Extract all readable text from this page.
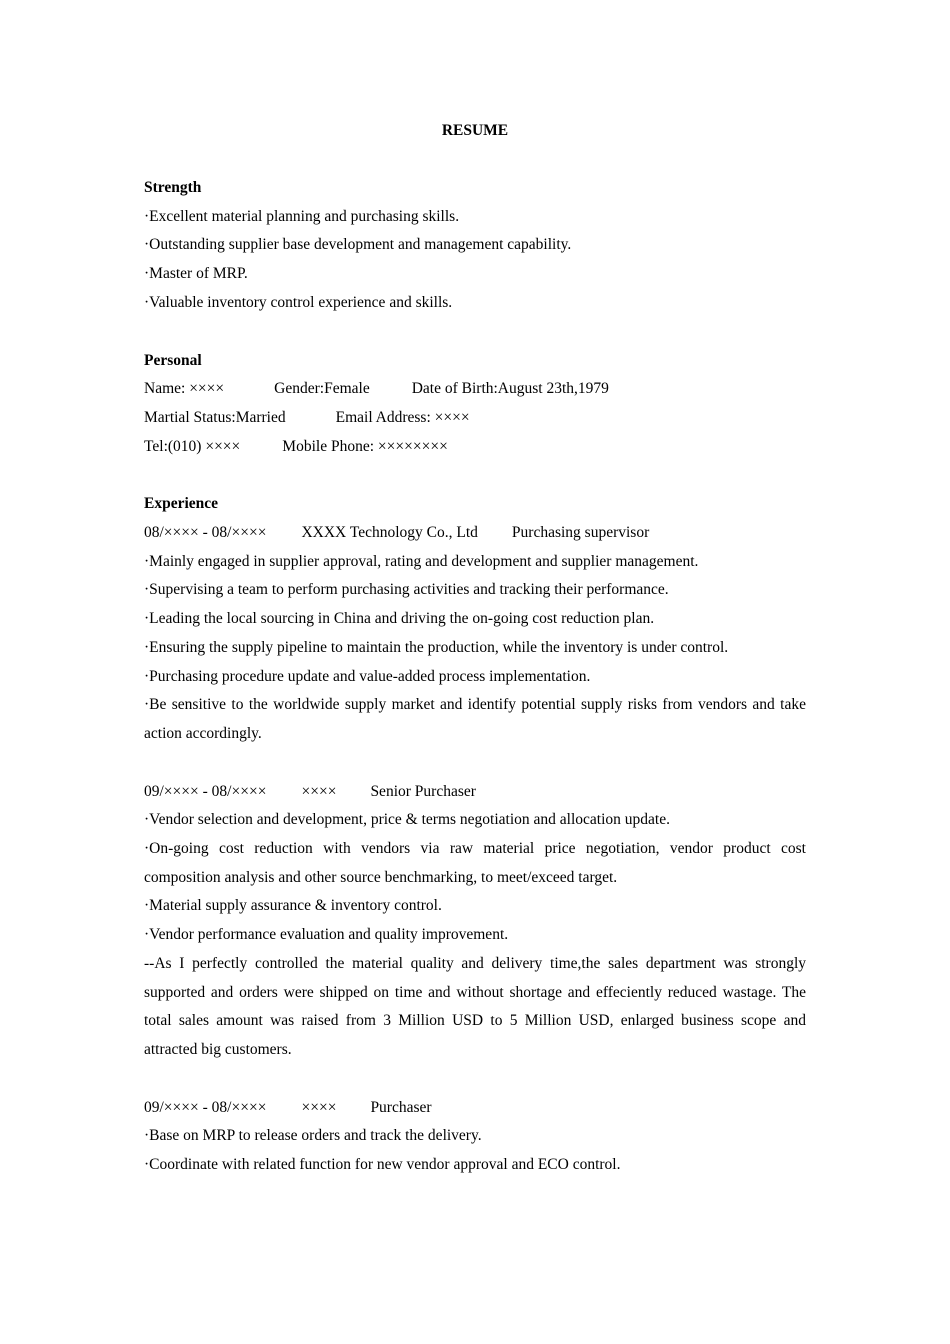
RESUME
Strength
·Excellent material planning and purchasing skills.
·Outstanding supplier base development and management capability.
·Master of MRP.
·Valuable inventory control experience and skills.
Personal
Name: ××××	Gender:Female	Date of Birth:August 23th,1979
Martial Status:Married	Email Address: ××××
Tel:(010) ××××	Mobile Phone: ××××××××
Experience
08/×××× - 08/×××× XXXX Technology Co., Ltd Purchasing supervisor
·Mainly engaged in supplier approval, rating and development and supplier management.
·Supervising a team to perform purchasing activities and tracking their performance.
·Leading the local sourcing in China and driving the on-going cost reduction plan.
·Ensuring the supply pipeline to maintain the production, while the inventory is under control.
·Purchasing procedure update and value-added process implementation.
·Be sensitive to the worldwide supply market and identify potential supply risks from vendors and take action accordingly.
09/×××× - 08/×××× ×××× Senior Purchaser
·Vendor selection and development, price & terms negotiation and allocation update.
·On-going cost reduction with vendors via raw material price negotiation, vendor product cost composition analysis and other source benchmarking, to meet/exceed target.
·Material supply assurance & inventory control.
·Vendor performance evaluation and quality improvement.
--As I perfectly controlled the material quality and delivery time,the sales department was strongly supported and orders were shipped on time and without shortage and effeciently reduced wastage. The total sales amount was raised from 3 Million USD to 5 Million USD, enlarged business scope and attracted big customers.
09/×××× - 08/×××× ×××× Purchaser
·Base on MRP to release orders and track the delivery.
·Coordinate with related function for new vendor approval and ECO control.
